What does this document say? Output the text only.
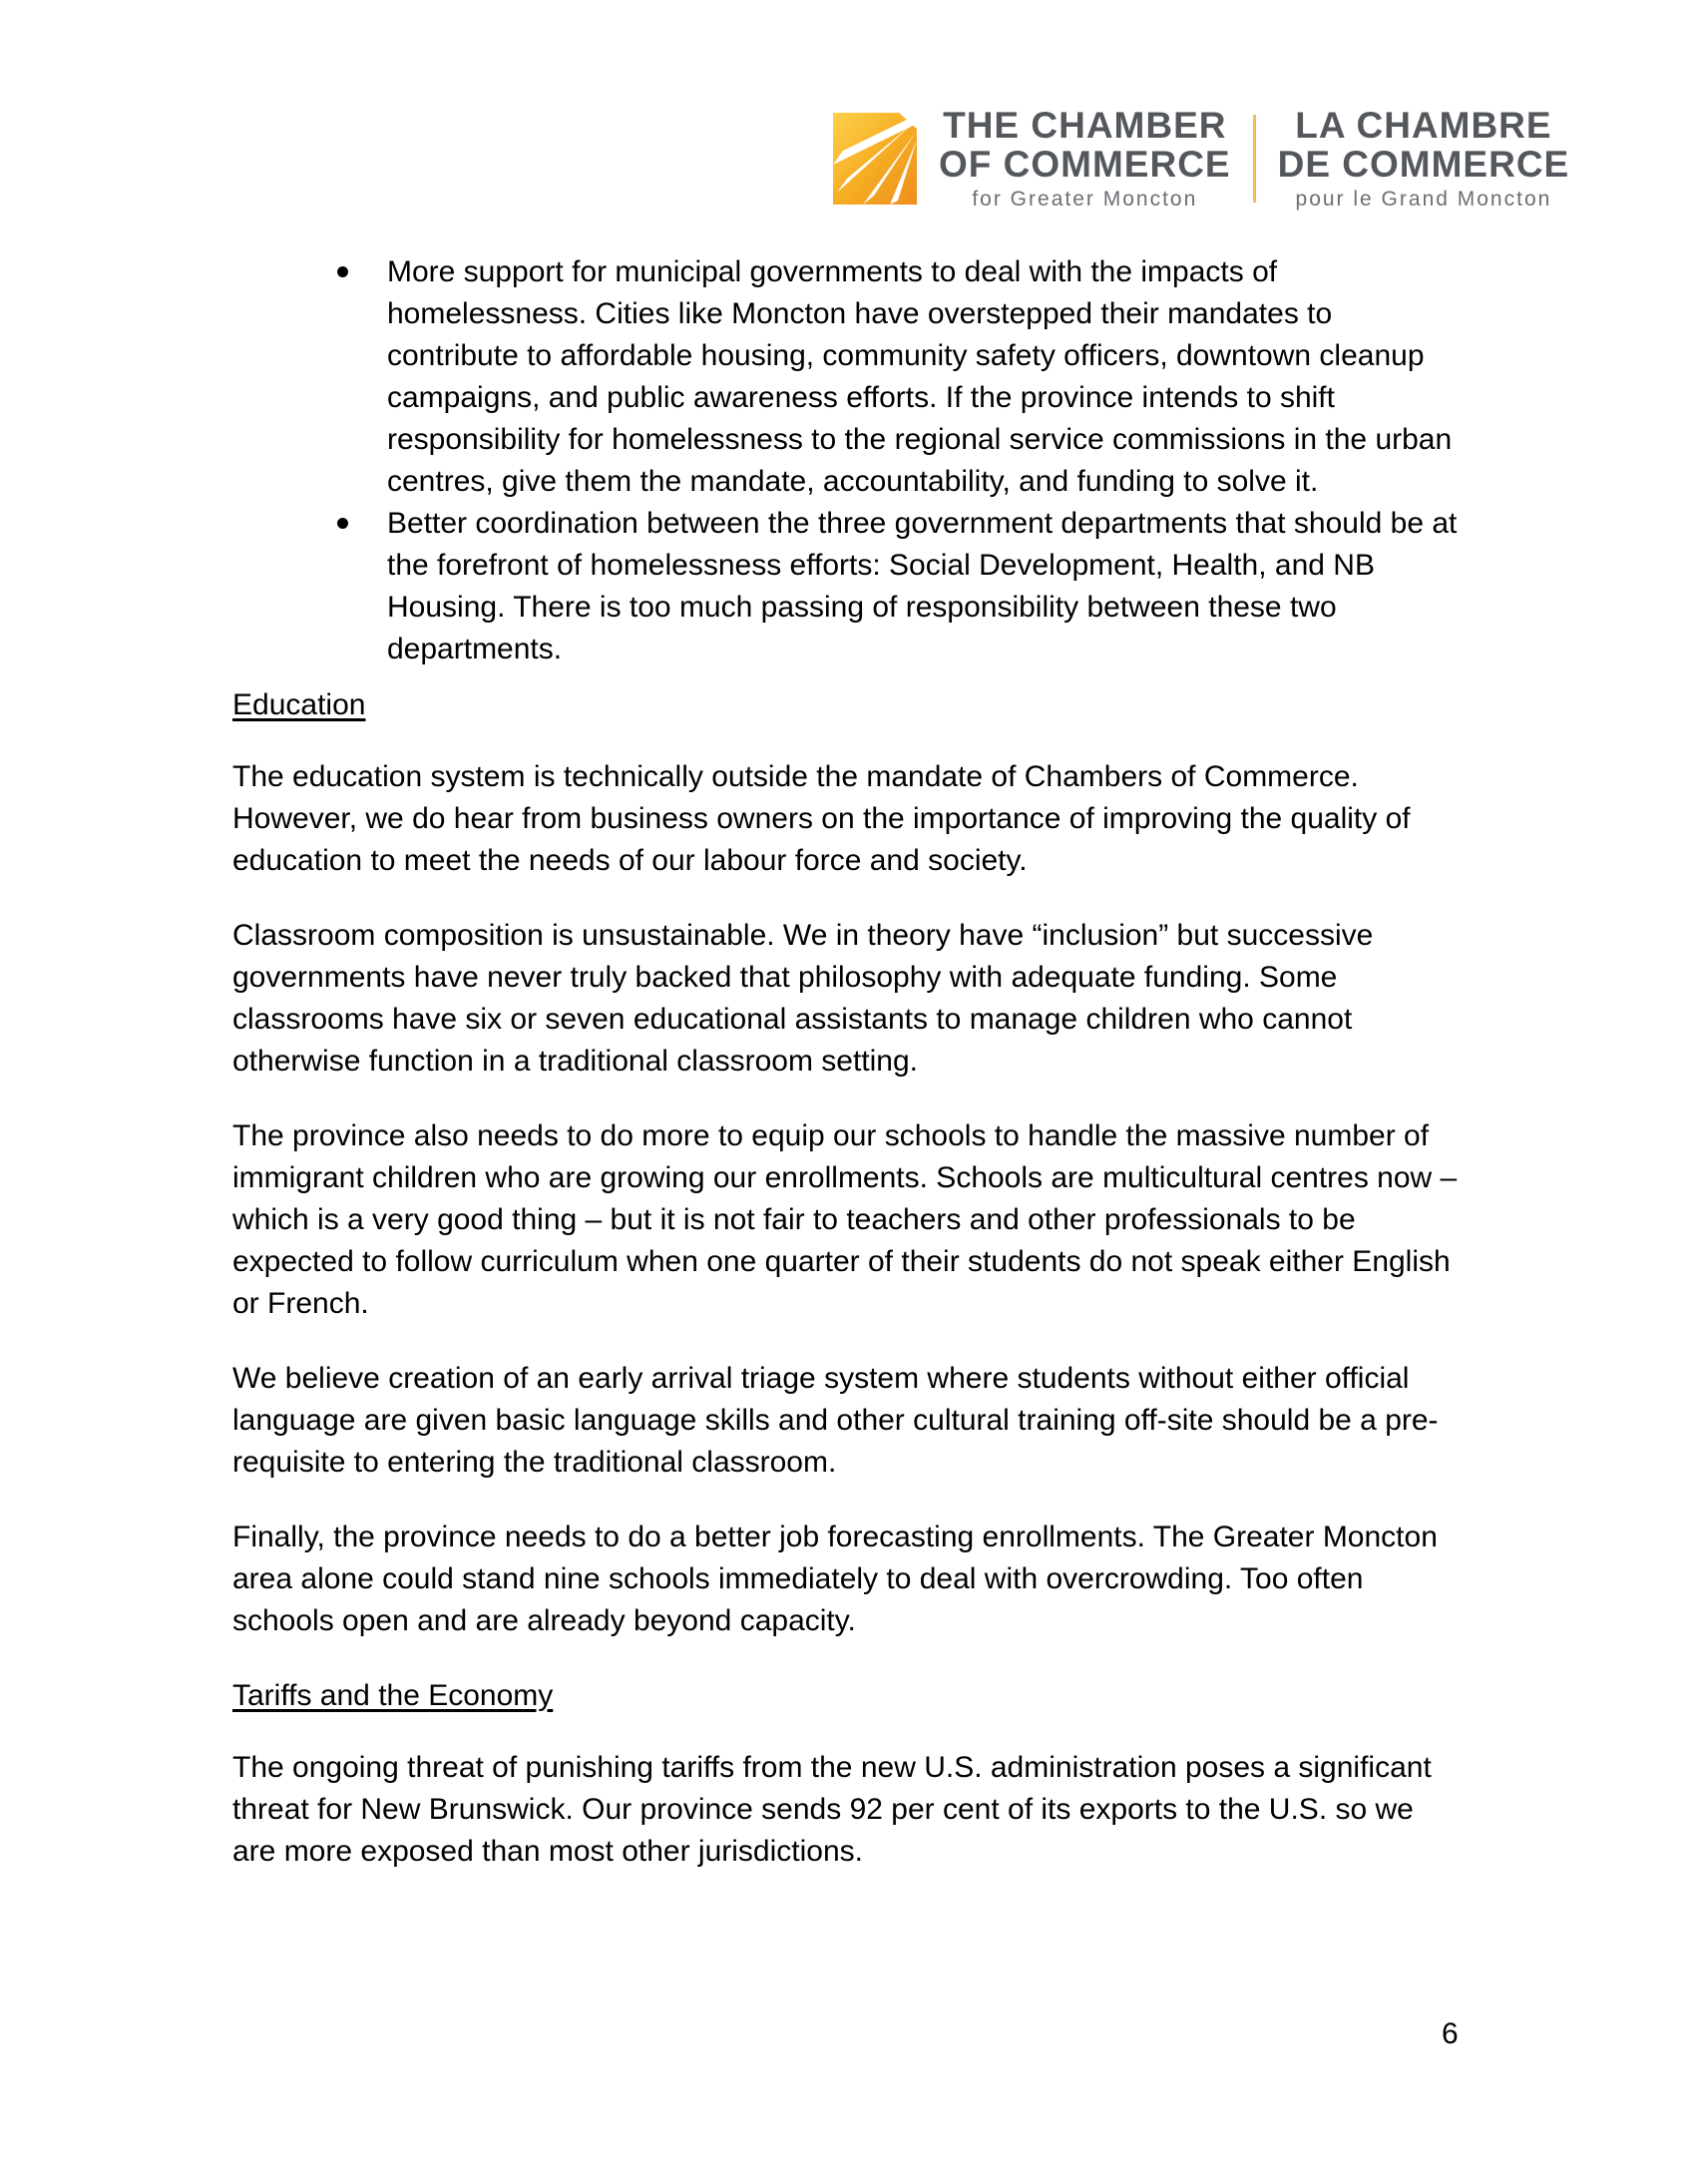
THE CHAMBER
OF COMMERCE
for Greater Moncton
LA CHAMBRE
DE COMMERCE
pour le Grand Moncton
More support for municipal governments to deal with the impacts of homelessness. Cities like Moncton have overstepped their mandates to contribute to affordable housing, community safety officers, downtown cleanup campaigns, and public awareness efforts. If the province intends to shift responsibility for homelessness to the regional service commissions in the urban centres, give them the mandate, accountability, and funding to solve it.
Better coordination between the three government departments that should be at the forefront of homelessness efforts: Social Development, Health, and NB Housing. There is too much passing of responsibility between these two departments.
Education

The education system is technically outside the mandate of Chambers of Commerce. However, we do hear from business owners on the importance of improving the quality of education to meet the needs of our labour force and society.

Classroom composition is unsustainable. We in theory have “inclusion” but successive governments have never truly backed that philosophy with adequate funding. Some classrooms have six or seven educational assistants to manage children who cannot otherwise function in a traditional classroom setting.

The province also needs to do more to equip our schools to handle the massive number of immigrant children who are growing our enrollments. Schools are multicultural centres now – which is a very good thing – but it is not fair to teachers and other professionals to be expected to follow curriculum when one quarter of their students do not speak either English or French.

We believe creation of an early arrival triage system where students without either official language are given basic language skills and other cultural training off-site should be a pre-requisite to entering the traditional classroom.

Finally, the province needs to do a better job forecasting enrollments. The Greater Moncton area alone could stand nine schools immediately to deal with overcrowding. Too often schools open and are already beyond capacity.

Tariffs and the Economy

The ongoing threat of punishing tariffs from the new U.S. administration poses a significant threat for New Brunswick. Our province sends 92 per cent of its exports to the U.S. so we are more exposed than most other jurisdictions.

6
